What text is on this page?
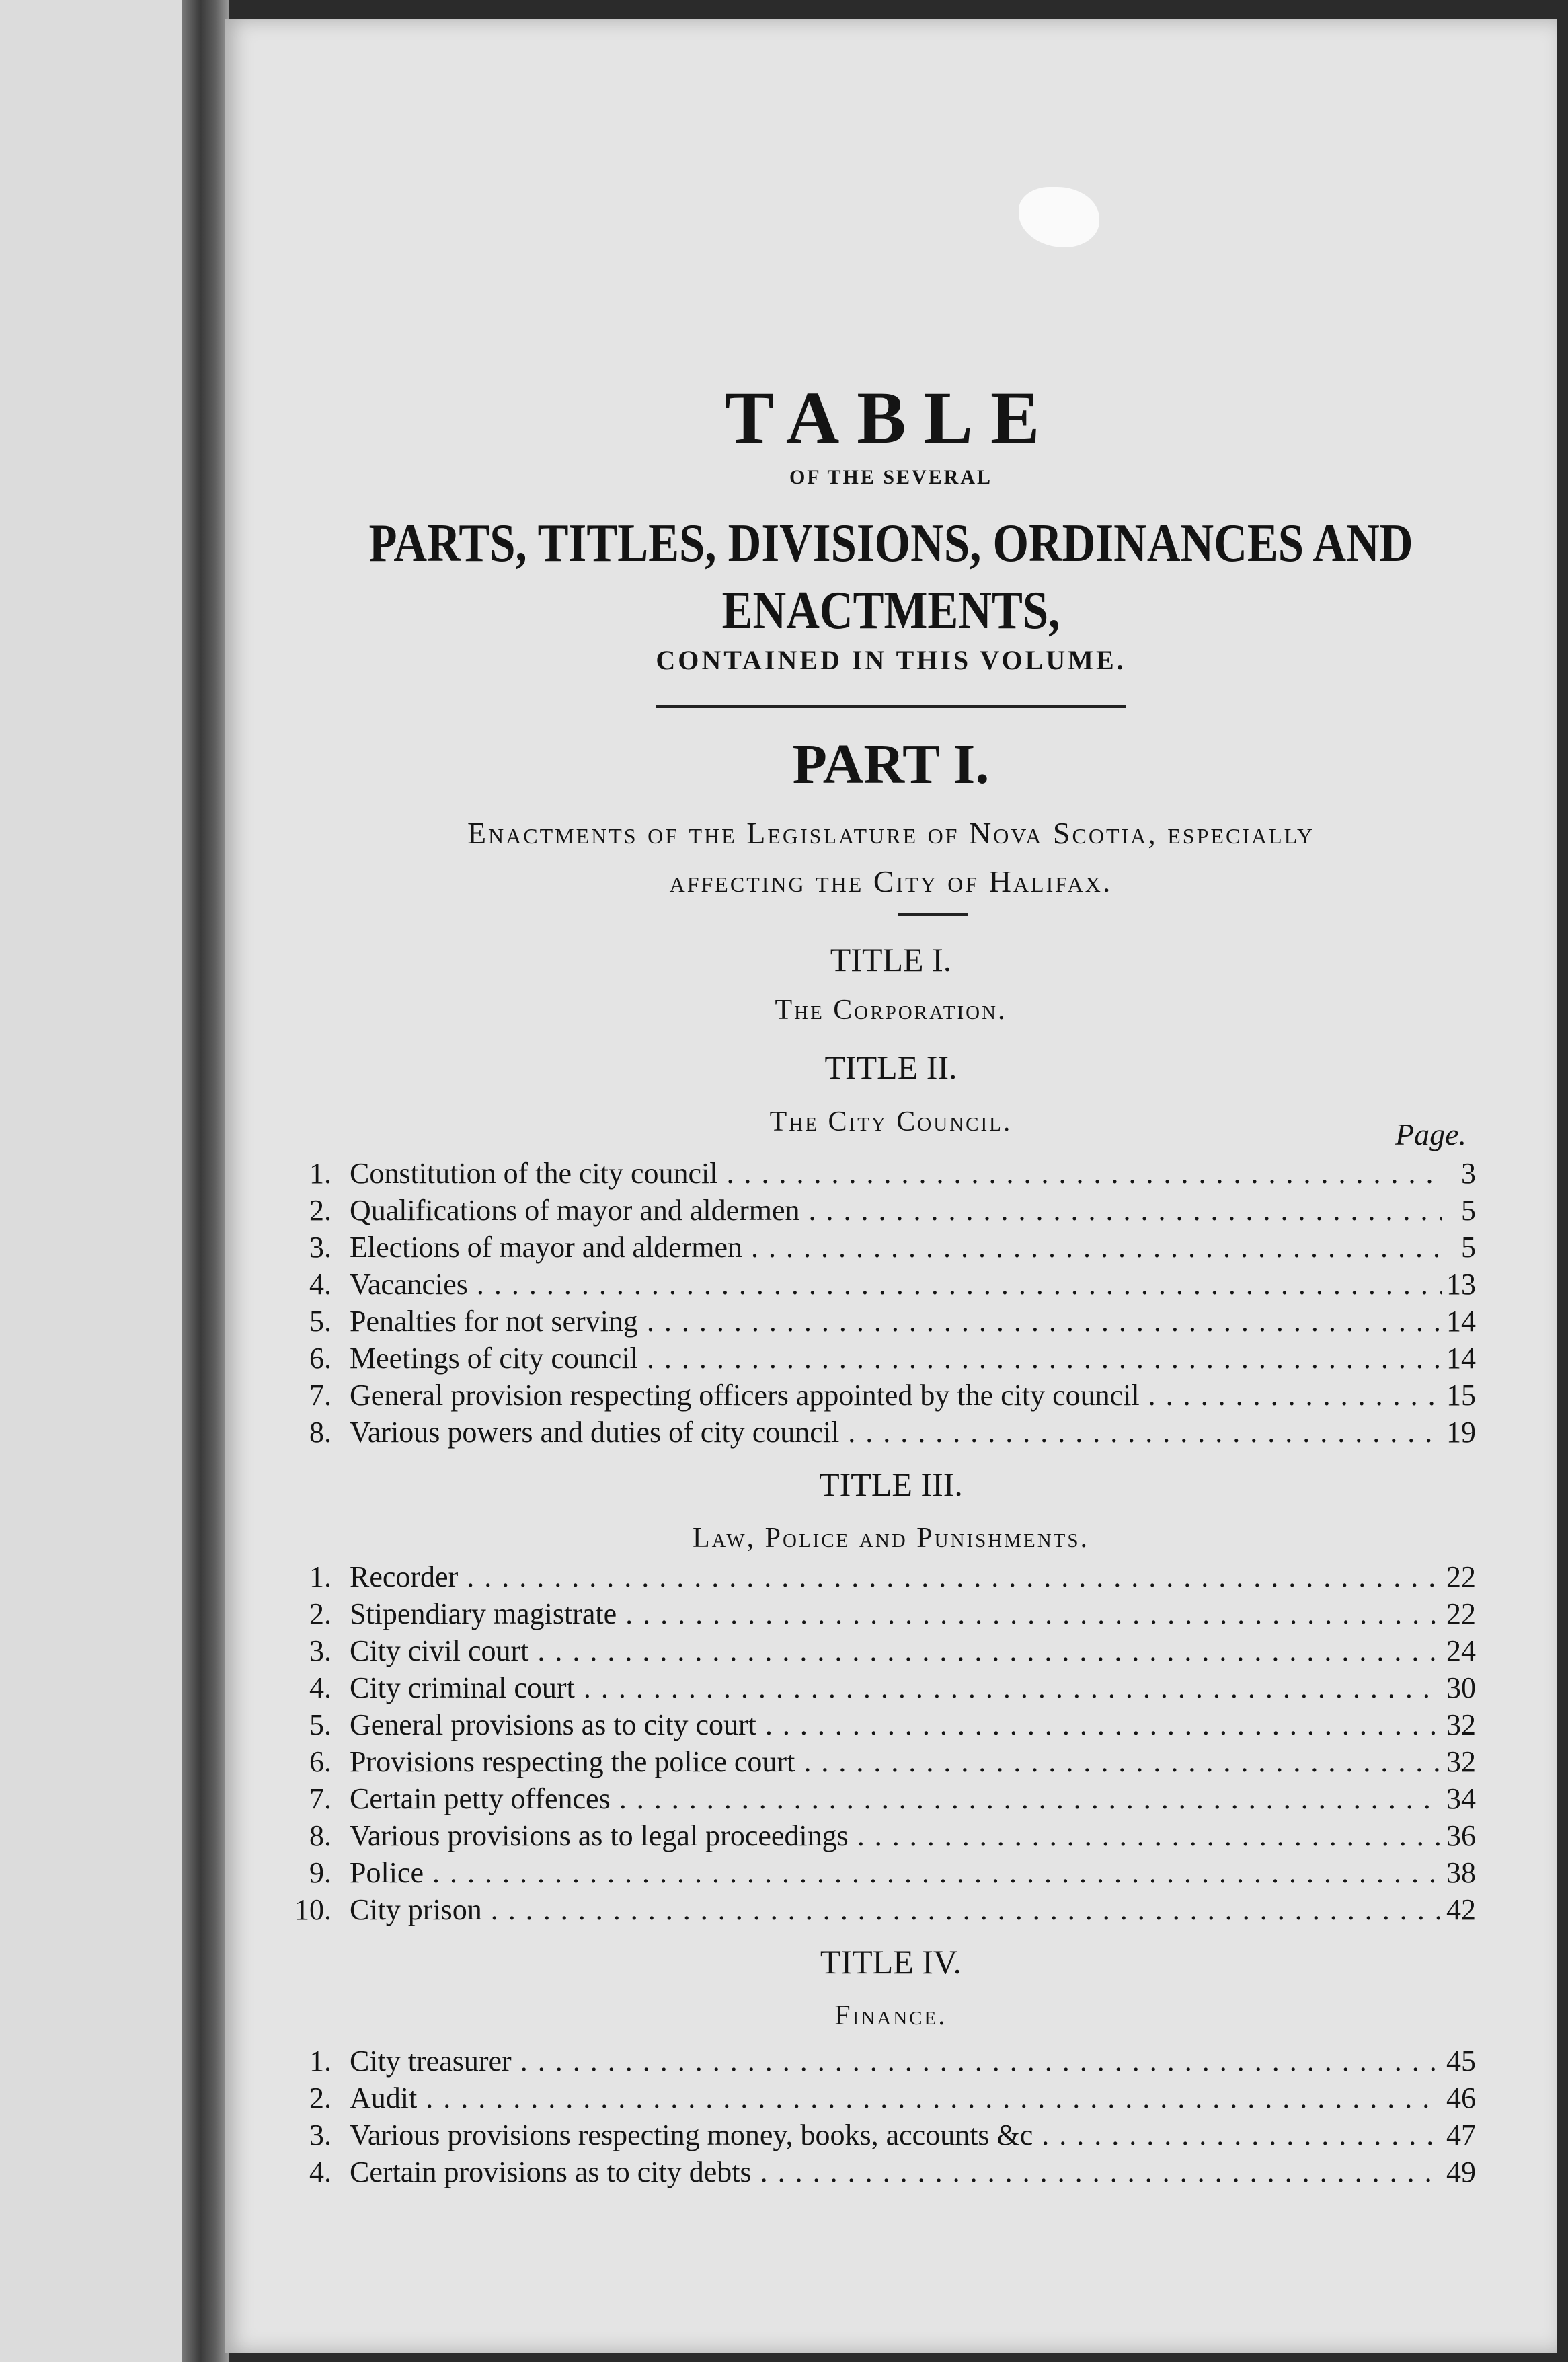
TABLE
OF THE SEVERAL
PARTS, TITLES, DIVISIONS, ORDINANCES AND
ENACTMENTS,
CONTAINED IN THIS VOLUME.
PART I.
Enactments of the Legislature of Nova Scotia, especially
affecting the City of Halifax.
TITLE I.
The Corporation.
TITLE II.
The City Council.	Page.
1. Constitution of the city council . . .	3
2. Qualifications of mayor and aldermen . . .	5
3. Elections of mayor and aldermen . . .	5
4. Vacancies . . .	13
5. Penalties for not serving . . .	14
6. Meetings of city council . . .	14
7. General provision respecting officers appointed by the city council . . .	15
8. Various powers and duties of city council . . .	19
TITLE III.
Law, Police and Punishments.
1. Recorder . . .	22
2. Stipendiary magistrate . . .	22
3. City civil court . . .	24
4. City criminal court . . .	30
5. General provisions as to city court . . .	32
6. Provisions respecting the police court . . .	32
7. Certain petty offences . . .	34
8. Various provisions as to legal proceedings . . .	36
9. Police . . .	38
10. City prison . . .	42
TITLE IV.
Finance.
1. City treasurer . . .	45
2. Audit . . .	46
3. Various provisions respecting money, books, accounts &c . . .	47
4. Certain provisions as to city debts . . .	49
